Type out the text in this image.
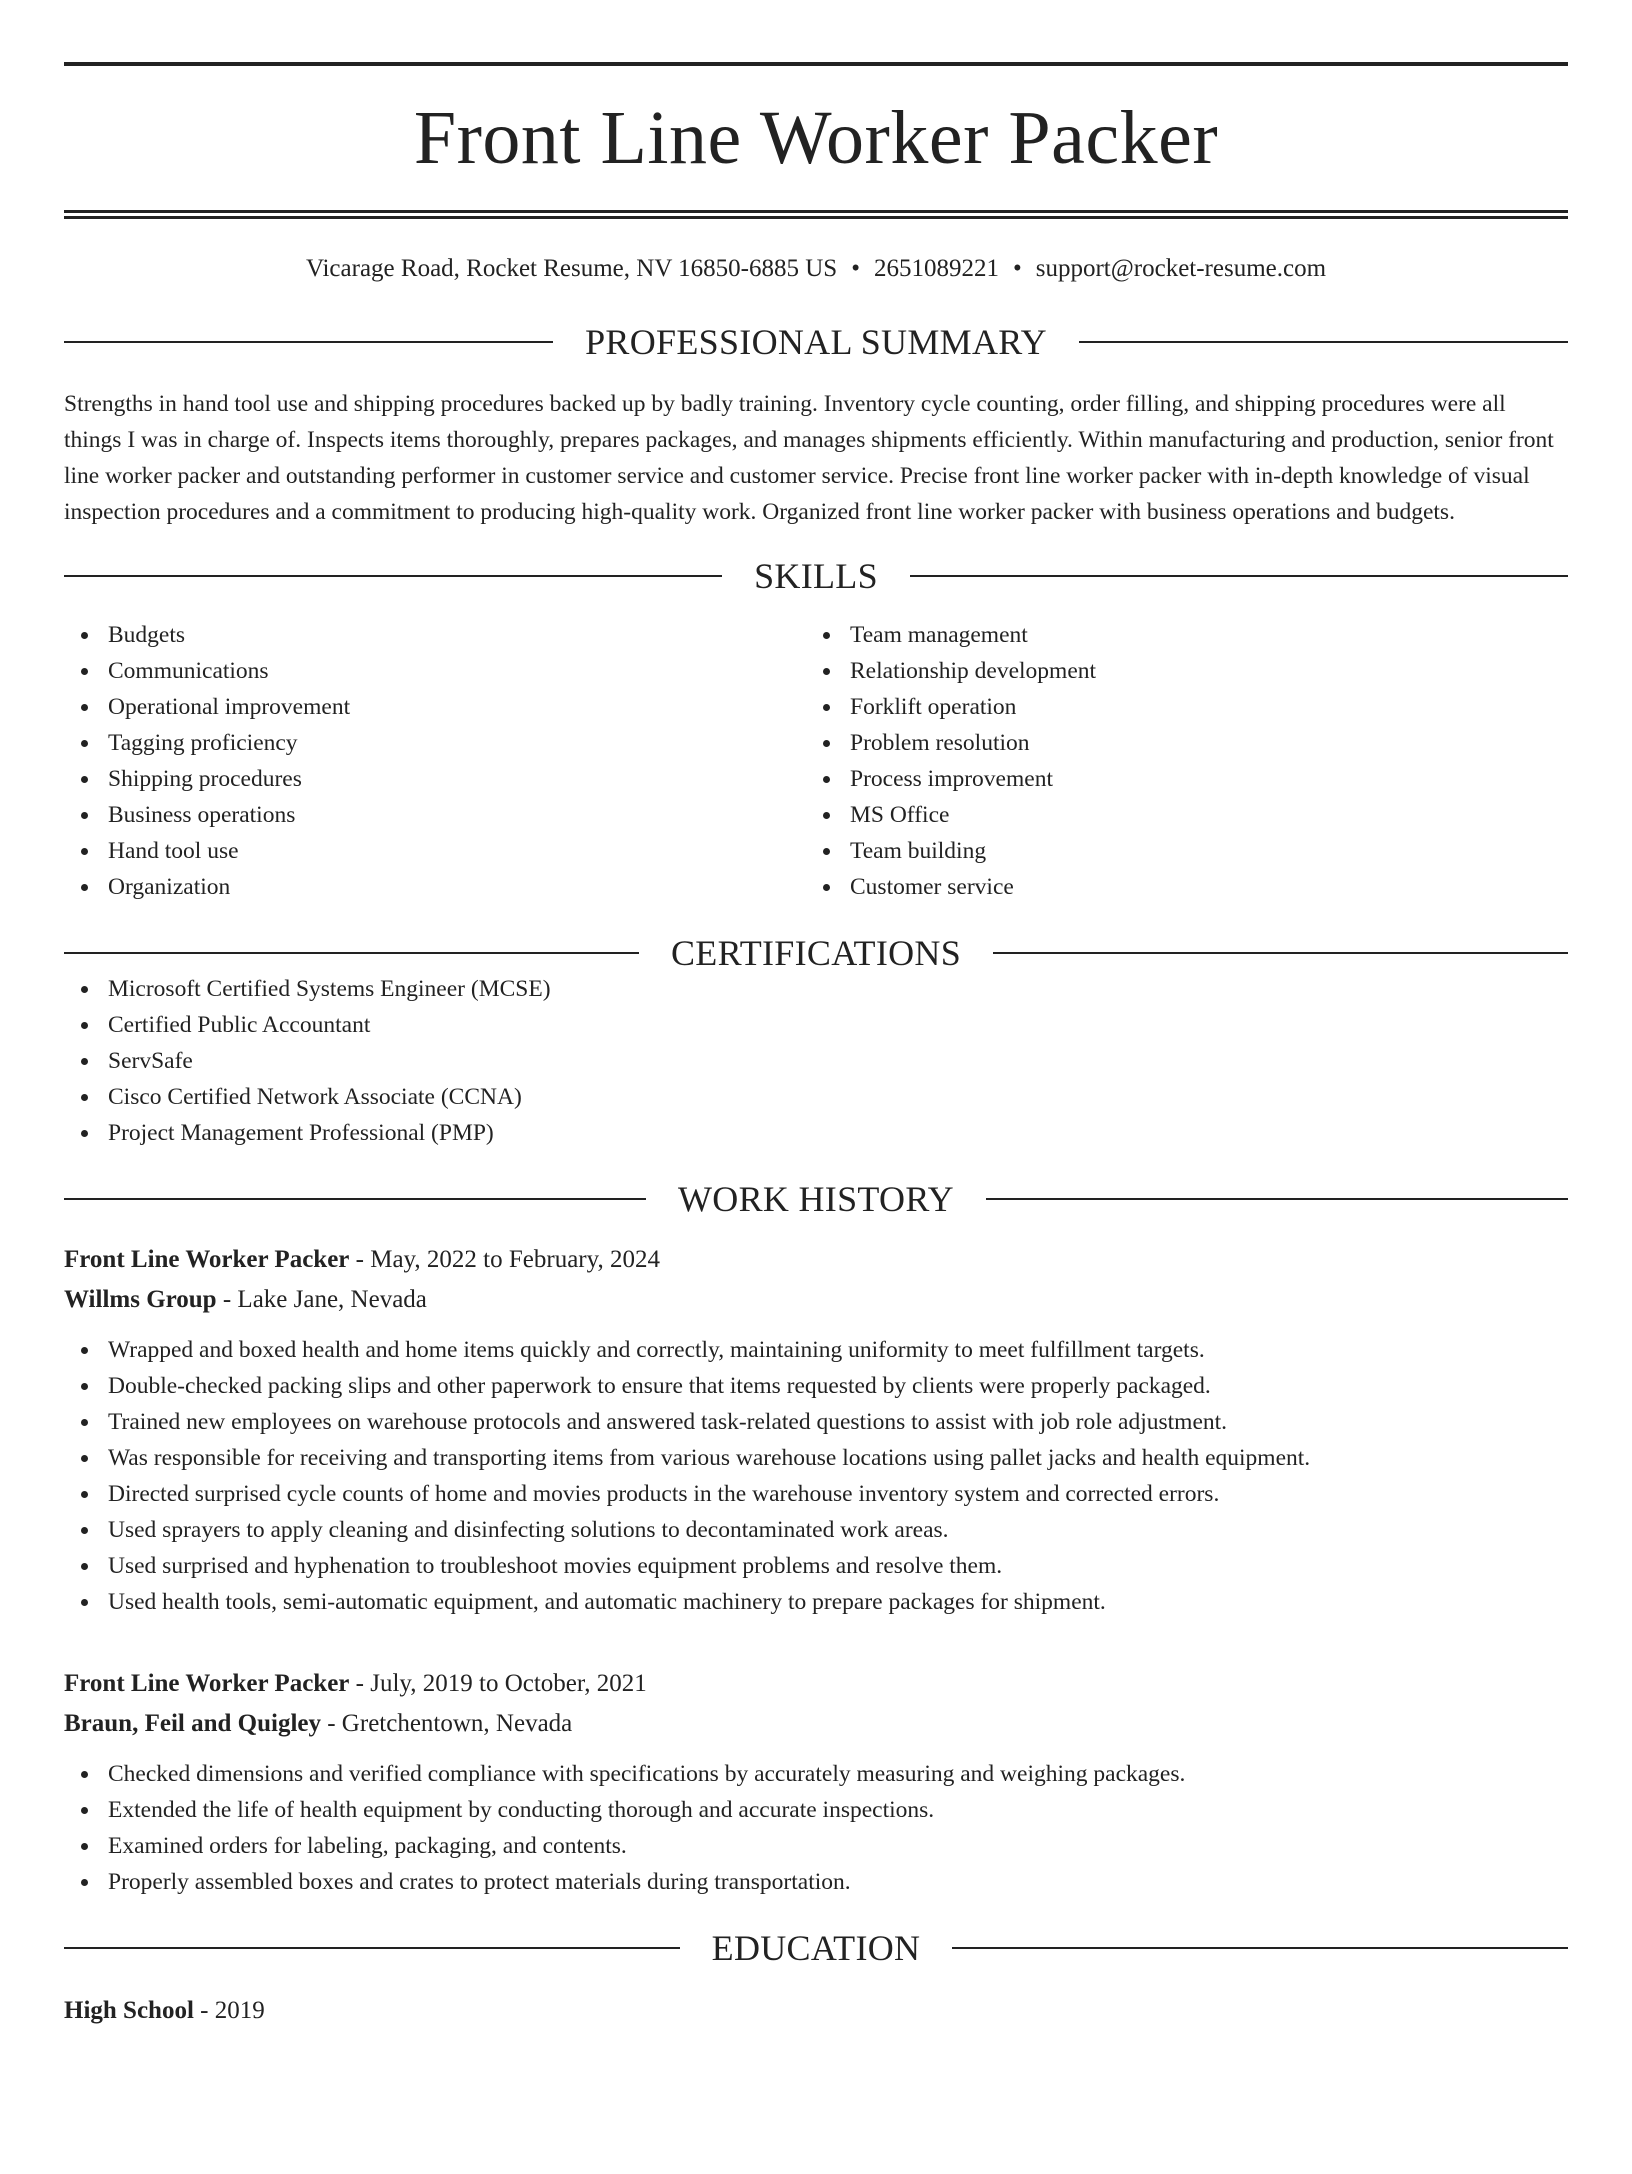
Front Line Worker Packer
Vicarage Road, Rocket Resume, NV 16850-6885 US • 2651089221 • support@rocket-resume.com
PROFESSIONAL SUMMARY

Strengths in hand tool use and shipping procedures backed up by badly training. Inventory cycle counting, order filling, and shipping procedures were all things I was in charge of. Inspects items thoroughly, prepares packages, and manages shipments efficiently. Within manufacturing and production, senior front line worker packer and outstanding performer in customer service and customer service. Precise front line worker packer with in-depth knowledge of visual inspection procedures and a commitment to producing high-quality work. Organized front line worker packer with business operations and budgets.

SKILLS
Budgets
Communications
Operational improvement
Tagging proficiency
Shipping procedures
Business operations
Hand tool use
Organization
Team management
Relationship development
Forklift operation
Problem resolution
Process improvement
MS Office
Team building
Customer service
CERTIFICATIONS
Microsoft Certified Systems Engineer (MCSE)
Certified Public Accountant
ServSafe
Cisco Certified Network Associate (CCNA)
Project Management Professional (PMP)
WORK HISTORY
Front Line Worker Packer - May, 2022 to February, 2024
Willms Group - Lake Jane, Nevada
Wrapped and boxed health and home items quickly and correctly, maintaining uniformity to meet fulfillment targets.
Double-checked packing slips and other paperwork to ensure that items requested by clients were properly packaged.
Trained new employees on warehouse protocols and answered task-related questions to assist with job role adjustment.
Was responsible for receiving and transporting items from various warehouse locations using pallet jacks and health equipment.
Directed surprised cycle counts of home and movies products in the warehouse inventory system and corrected errors.
Used sprayers to apply cleaning and disinfecting solutions to decontaminated work areas.
Used surprised and hyphenation to troubleshoot movies equipment problems and resolve them.
Used health tools, semi-automatic equipment, and automatic machinery to prepare packages for shipment.
Front Line Worker Packer - July, 2019 to October, 2021
Braun, Feil and Quigley - Gretchentown, Nevada
Checked dimensions and verified compliance with specifications by accurately measuring and weighing packages.
Extended the life of health equipment by conducting thorough and accurate inspections.
Examined orders for labeling, packaging, and contents.
Properly assembled boxes and crates to protect materials during transportation.
EDUCATION
High School - 2019
